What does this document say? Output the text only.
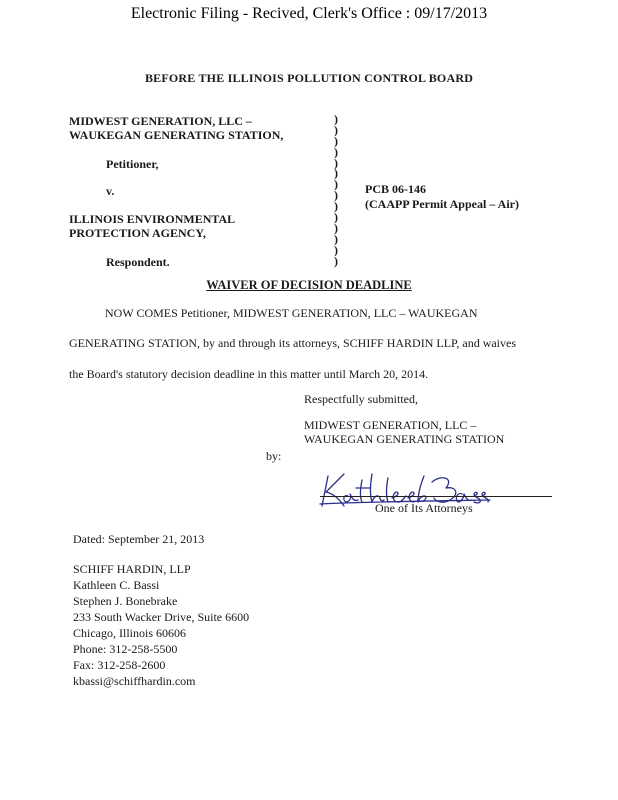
Electronic Filing - Recived, Clerk's Office : 09/17/2013
BEFORE THE ILLINOIS POLLUTION CONTROL BOARD
MIDWEST GENERATION, LLC –
WAUKEGAN GENERATING STATION,
Petitioner,
v.
ILLINOIS ENVIRONMENTAL
PROTECTION AGENCY,
Respondent.
)
)
)
)
)
)
)
)
)
)
)
)
)
)
PCB 06-146
(CAAPP Permit Appeal – Air)
WAIVER OF DECISION DEADLINE
NOW COMES Petitioner, MIDWEST GENERATION, LLC – WAUKEGAN
GENERATING STATION, by and through its attorneys, SCHIFF HARDIN LLP, and waives
the Board's statutory decision deadline in this matter until March 20, 2014.
Respectfully submitted,
MIDWEST GENERATION, LLC –
WAUKEGAN GENERATING STATION
by:
One of Its Attorneys
Dated: September 21, 2013
SCHIFF HARDIN, LLP
Kathleen C. Bassi
Stephen J. Bonebrake
233 South Wacker Drive, Suite 6600
Chicago, Illinois 60606
Phone: 312-258-5500
Fax: 312-258-2600
kbassi@schiffhardin.com
